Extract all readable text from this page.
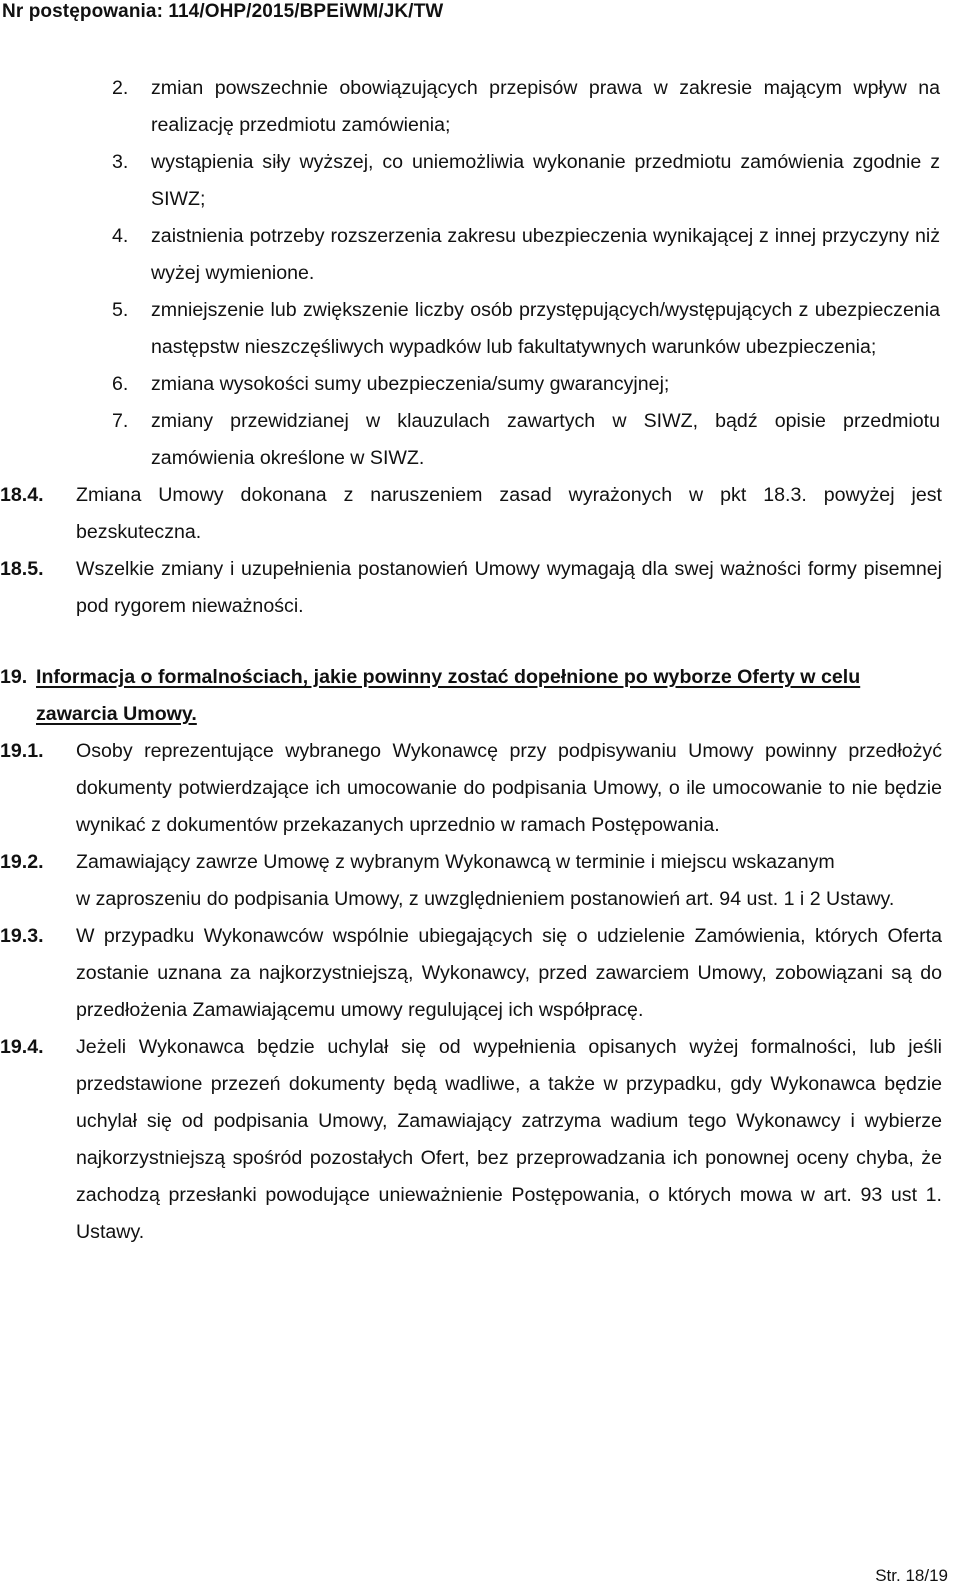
Nr postępowania: 114/OHP/2015/BPEiWM/JK/TW
2. zmian powszechnie obowiązujących przepisów prawa w zakresie mającym wpływ na realizację przedmiotu zamówienia;
3. wystąpienia siły wyższej, co uniemożliwia wykonanie przedmiotu zamówienia zgodnie z SIWZ;
4. zaistnienia potrzeby rozszerzenia zakresu ubezpieczenia wynikającej z innej przyczyny niż wyżej wymienione.
5. zmniejszenie lub zwiększenie liczby osób przystępujących/występujących z ubezpieczenia następstw nieszczęśliwych wypadków lub fakultatywnych warunków ubezpieczenia;
6. zmiana wysokości sumy ubezpieczenia/sumy gwarancyjnej;
7. zmiany przewidzianej w klauzulach zawartych w SIWZ, bądź opisie przedmiotu zamówienia określone w SIWZ.
18.4. Zmiana Umowy dokonana z naruszeniem zasad wyrażonych w pkt 18.3. powyżej jest bezskuteczna.
18.5. Wszelkie zmiany i uzupełnienia postanowień Umowy wymagają dla swej ważności formy pisemnej pod rygorem nieważności.
19. Informacja o formalnościach, jakie powinny zostać dopełnione po wyborze Oferty w celu zawarcia Umowy.
19.1. Osoby reprezentujące wybranego Wykonawcę przy podpisywaniu Umowy powinny przedłożyć dokumenty potwierdzające ich umocowanie do podpisania Umowy, o ile umocowanie to nie będzie wynikać z dokumentów przekazanych uprzednio w ramach Postępowania.
19.2. Zamawiający zawrze Umowę z wybranym Wykonawcą w terminie i miejscu wskazanym
w zaproszeniu do podpisania Umowy, z uwzględnieniem postanowień art. 94 ust. 1 i 2 Ustawy.
19.3. W przypadku Wykonawców wspólnie ubiegających się o udzielenie Zamówienia, których Oferta zostanie uznana za najkorzystniejszą, Wykonawcy, przed zawarciem Umowy, zobowiązani są do przedłożenia Zamawiającemu umowy regulującej ich współpracę.
19.4. Jeżeli Wykonawca będzie uchylał się od wypełnienia opisanych wyżej formalności, lub jeśli przedstawione przezeń dokumenty będą wadliwe, a także w przypadku, gdy Wykonawca będzie uchylał się od podpisania Umowy, Zamawiający zatrzyma wadium tego Wykonawcy i wybierze najkorzystniejszą spośród pozostałych Ofert, bez przeprowadzania ich ponownej oceny chyba, że zachodzą przesłanki powodujące unieważnienie Postępowania, o których mowa w art. 93 ust 1. Ustawy.
Str. 18/19
